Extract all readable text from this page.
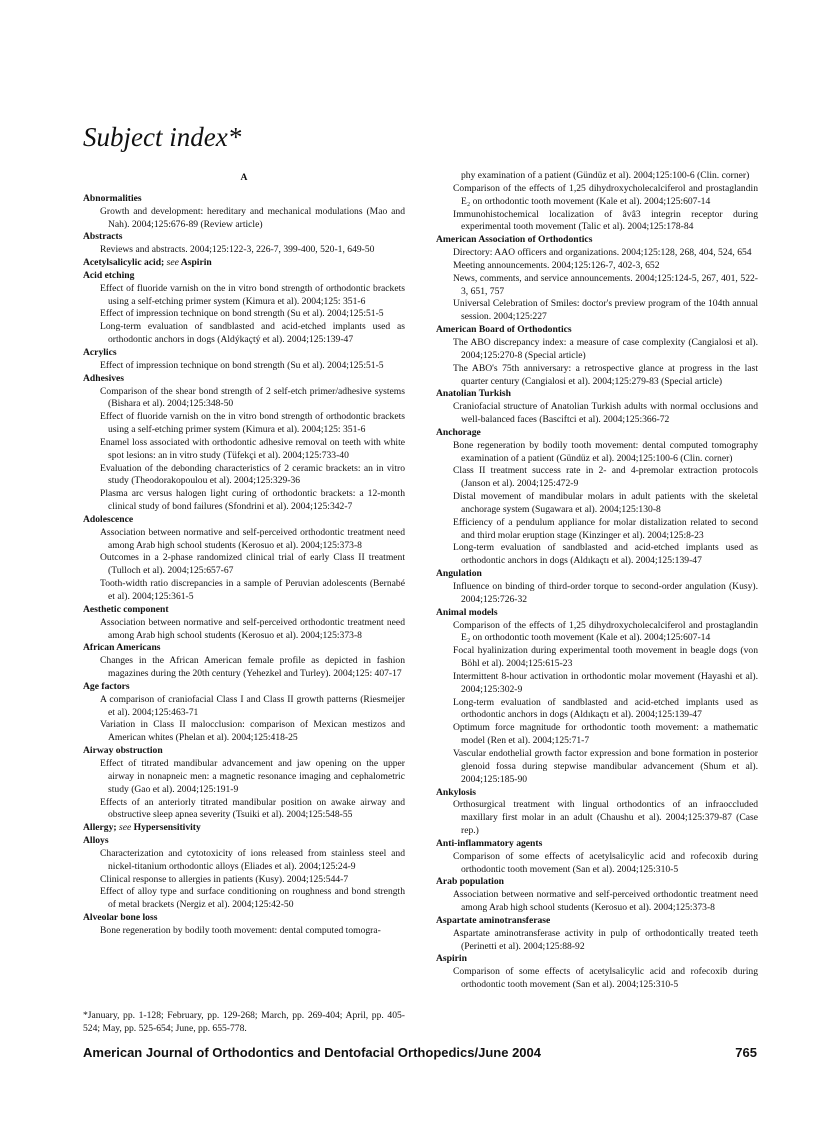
Subject index*
A
Abnormalities
Growth and development: hereditary and mechanical modulations (Mao and Nah). 2004;125:676-89 (Review article)
Abstracts
Reviews and abstracts. 2004;125:122-3, 226-7, 399-400, 520-1, 649-50
Acetylsalicylic acid; see Aspirin
Acid etching
Effect of fluoride varnish on the in vitro bond strength of orthodontic brackets using a self-etching primer system (Kimura et al). 2004;125: 351-6
Effect of impression technique on bond strength (Su et al). 2004;125:51-5
Long-term evaluation of sandblasted and acid-etched implants used as orthodontic anchors in dogs (Aldýkaçtý et al). 2004;125:139-47
Acrylics
Effect of impression technique on bond strength (Su et al). 2004;125:51-5
Adhesives
Comparison of the shear bond strength of 2 self-etch primer/adhesive systems (Bishara et al). 2004;125:348-50
Effect of fluoride varnish on the in vitro bond strength of orthodontic brackets using a self-etching primer system (Kimura et al). 2004;125: 351-6
Enamel loss associated with orthodontic adhesive removal on teeth with white spot lesions: an in vitro study (Tüfekçi et al). 2004;125:733-40
Evaluation of the debonding characteristics of 2 ceramic brackets: an in vitro study (Theodorakopoulou et al). 2004;125:329-36
Plasma arc versus halogen light curing of orthodontic brackets: a 12-month clinical study of bond failures (Sfondrini et al). 2004;125:342-7
Adolescence
Association between normative and self-perceived orthodontic treatment need among Arab high school students (Kerosuo et al). 2004;125:373-8
Outcomes in a 2-phase randomized clinical trial of early Class II treatment (Tulloch et al). 2004;125:657-67
Tooth-width ratio discrepancies in a sample of Peruvian adolescents (Bernabé et al). 2004;125:361-5
Aesthetic component
Association between normative and self-perceived orthodontic treatment need among Arab high school students (Kerosuo et al). 2004;125:373-8
African Americans
Changes in the African American female profile as depicted in fashion magazines during the 20th century (Yehezkel and Turley). 2004;125: 407-17
Age factors
A comparison of craniofacial Class I and Class II growth patterns (Riesmeijer et al). 2004;125:463-71
Variation in Class II malocclusion: comparison of Mexican mestizos and American whites (Phelan et al). 2004;125:418-25
Airway obstruction
Effect of titrated mandibular advancement and jaw opening on the upper airway in nonapneic men: a magnetic resonance imaging and cephalometric study (Gao et al). 2004;125:191-9
Effects of an anteriorly titrated mandibular position on awake airway and obstructive sleep apnea severity (Tsuiki et al). 2004;125:548-55
Allergy; see Hypersensitivity
Alloys
Characterization and cytotoxicity of ions released from stainless steel and nickel-titanium orthodontic alloys (Eliades et al). 2004;125:24-9
Clinical response to allergies in patients (Kusy). 2004;125:544-7
Effect of alloy type and surface conditioning on roughness and bond strength of metal brackets (Nergiz et al). 2004;125:42-50
Alveolar bone loss
Bone regeneration by bodily tooth movement: dental computed tomogra-
phy examination of a patient (Gündüz et al). 2004;125:100-6 (Clin. corner)
Comparison of the effects of 1,25 dihydroxycholecalciferol and prostaglandin E₂ on orthodontic tooth movement (Kale et al). 2004;125:607-14
Immunohistochemical localization of âvâ3 integrin receptor during experimental tooth movement (Talic et al). 2004;125:178-84
American Association of Orthodontics
Directory: AAO officers and organizations. 2004;125:128, 268, 404, 524, 654
Meeting announcements. 2004;125:126-7, 402-3, 652
News, comments, and service announcements. 2004;125:124-5, 267, 401, 522-3, 651, 757
Universal Celebration of Smiles: doctor's preview program of the 104th annual session. 2004;125:227
American Board of Orthodontics
The ABO discrepancy index: a measure of case complexity (Cangialosi et al). 2004;125:270-8 (Special article)
The ABO's 75th anniversary: a retrospective glance at progress in the last quarter century (Cangialosi et al). 2004;125:279-83 (Special article)
Anatolian Turkish
Craniofacial structure of Anatolian Turkish adults with normal occlusions and well-balanced faces (Basciftci et al). 2004;125:366-72
Anchorage
Bone regeneration by bodily tooth movement: dental computed tomography examination of a patient (Gündüz et al). 2004;125:100-6 (Clin. corner)
Class II treatment success rate in 2- and 4-premolar extraction protocols (Janson et al). 2004;125:472-9
Distal movement of mandibular molars in adult patients with the skeletal anchorage system (Sugawara et al). 2004;125:130-8
Efficiency of a pendulum appliance for molar distalization related to second and third molar eruption stage (Kinzinger et al). 2004;125:8-23
Long-term evaluation of sandblasted and acid-etched implants used as orthodontic anchors in dogs (Aldıkaçtı et al). 2004;125:139-47
Angulation
Influence on binding of third-order torque to second-order angulation (Kusy). 2004;125:726-32
Animal models
Comparison of the effects of 1,25 dihydroxycholecalciferol and prostaglandin E₂ on orthodontic tooth movement (Kale et al). 2004;125:607-14
Focal hyalinization during experimental tooth movement in beagle dogs (von Böhl et al). 2004;125:615-23
Intermittent 8-hour activation in orthodontic molar movement (Hayashi et al). 2004;125:302-9
Long-term evaluation of sandblasted and acid-etched implants used as orthodontic anchors in dogs (Aldıkaçtı et al). 2004;125:139-47
Optimum force magnitude for orthodontic tooth movement: a mathematic model (Ren et al). 2004;125:71-7
Vascular endothelial growth factor expression and bone formation in posterior glenoid fossa during stepwise mandibular advancement (Shum et al). 2004;125:185-90
Ankylosis
Orthosurgical treatment with lingual orthodontics of an infraoccluded maxillary first molar in an adult (Chaushu et al). 2004;125:379-87 (Case rep.)
Anti-inflammatory agents
Comparison of some effects of acetylsalicylic acid and rofecoxib during orthodontic tooth movement (San et al). 2004;125:310-5
Arab population
Association between normative and self-perceived orthodontic treatment need among Arab high school students (Kerosuo et al). 2004;125:373-8
Aspartate aminotransferase
Aspartate aminotransferase activity in pulp of orthodontically treated teeth (Perinetti et al). 2004;125:88-92
Aspirin
Comparison of some effects of acetylsalicylic acid and rofecoxib during orthodontic tooth movement (San et al). 2004;125:310-5
*January, pp. 1-128; February, pp. 129-268; March, pp. 269-404; April, pp. 405-524; May, pp. 525-654; June, pp. 655-778.
American Journal of Orthodontics and Dentofacial Orthopedics/June 2004	765
